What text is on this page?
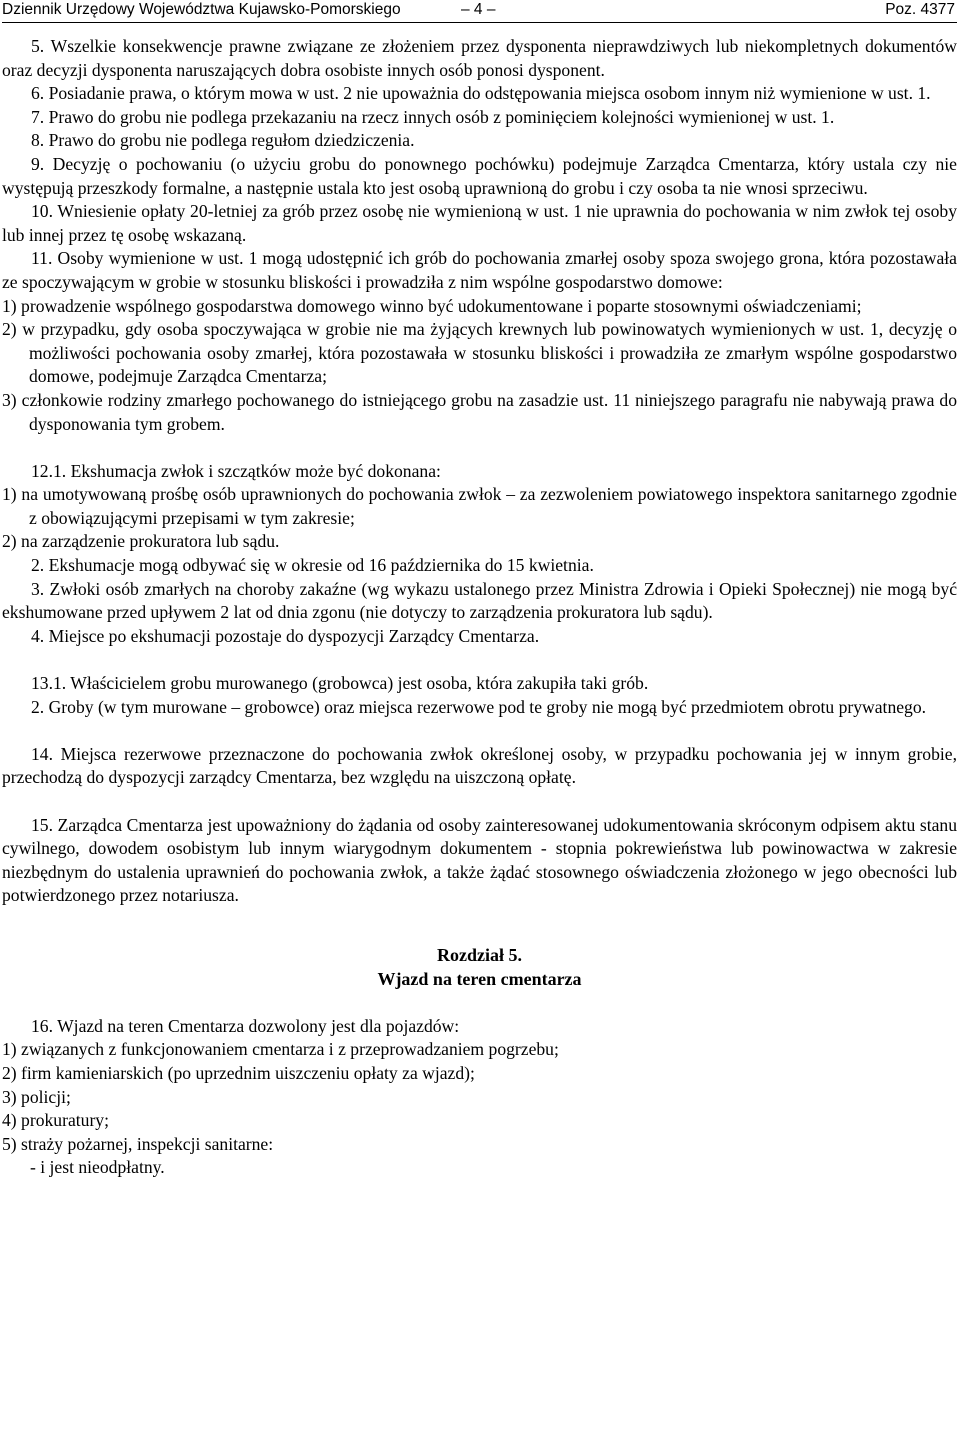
Dziennik Urzędowy Województwa Kujawsko-Pomorskiego	– 4 –	Poz. 4377

5. Wszelkie konsekwencje prawne związane ze złożeniem przez dysponenta nieprawdziwych lub niekompletnych dokumentów oraz decyzji dysponenta naruszających dobra osobiste innych osób ponosi dysponent.

6. Posiadanie prawa, o którym mowa w ust. 2 nie upoważnia do odstępowania miejsca osobom innym niż wymienione w ust. 1.

7. Prawo do grobu nie podlega przekazaniu na rzecz innych osób z pominięciem kolejności wymienionej w ust. 1.

8. Prawo do grobu nie podlega regułom dziedziczenia.

9. Decyzję o pochowaniu (o użyciu grobu do ponownego pochówku) podejmuje Zarządca Cmentarza, który ustala czy nie występują przeszkody formalne, a następnie ustala kto jest osobą uprawnioną do grobu i czy osoba ta nie wnosi sprzeciwu.

10. Wniesienie opłaty 20-letniej za grób przez osobę nie wymienioną w ust. 1 nie uprawnia do pochowania w nim zwłok tej osoby lub innej przez tę osobę wskazaną.

11. Osoby wymienione w ust. 1 mogą udostępnić ich grób do pochowania zmarłej osoby spoza swojego grona, która pozostawała ze spoczywającym w grobie w stosunku bliskości i prowadziła z nim wspólne gospodarstwo domowe:

1) prowadzenie wspólnego gospodarstwa domowego winno być udokumentowane i poparte stosownymi oświadczeniami;

2) w przypadku, gdy osoba spoczywająca w grobie nie ma żyjących krewnych lub powinowatych wymienionych w ust. 1, decyzję o możliwości pochowania osoby zmarłej, która pozostawała w stosunku bliskości i prowadziła ze zmarłym wspólne gospodarstwo domowe, podejmuje Zarządca Cmentarza;

3) członkowie rodziny zmarłego pochowanego do istniejącego grobu na zasadzie ust. 11 niniejszego paragrafu nie nabywają prawa do dysponowania tym grobem.

12.1. Ekshumacja zwłok i szczątków może być dokonana:

1) na umotywowaną prośbę osób uprawnionych do pochowania zwłok – za zezwoleniem powiatowego inspektora sanitarnego zgodnie z obowiązującymi przepisami w tym zakresie;

2) na zarządzenie prokuratora lub sądu.

2. Ekshumacje mogą odbywać się w okresie od 16 października do 15 kwietnia.

3. Zwłoki osób zmarłych na choroby zakaźne (wg wykazu ustalonego przez Ministra Zdrowia i Opieki Społecznej) nie mogą być ekshumowane przed upływem 2 lat od dnia zgonu (nie dotyczy to zarządzenia prokuratora lub sądu).

4. Miejsce po ekshumacji pozostaje do dyspozycji Zarządcy Cmentarza.

13.1. Właścicielem grobu murowanego (grobowca) jest osoba, która zakupiła taki grób.

2. Groby (w tym murowane – grobowce) oraz miejsca rezerwowe pod te groby nie mogą być przedmiotem obrotu prywatnego.

14. Miejsca rezerwowe przeznaczone do pochowania zwłok określonej osoby, w przypadku pochowania jej w innym grobie, przechodzą do dyspozycji zarządcy Cmentarza, bez względu na uiszczoną opłatę.

15. Zarządca Cmentarza jest upoważniony do żądania od osoby zainteresowanej udokumentowania skróconym odpisem aktu stanu cywilnego, dowodem osobistym lub innym wiarygodnym dokumentem - stopnia pokrewieństwa lub powinowactwa w zakresie niezbędnym do ustalenia uprawnień do pochowania zwłok, a także żądać stosownego oświadczenia złożonego w jego obecności lub potwierdzonego przez notariusza.

Rozdział 5.

Wjazd na teren cmentarza

16. Wjazd na teren Cmentarza dozwolony jest dla pojazdów:

1) związanych z funkcjonowaniem cmentarza i z przeprowadzaniem pogrzebu;

2) firm kamieniarskich (po uprzednim uiszczeniu opłaty za wjazd);

3) policji;

4) prokuratury;

5) straży pożarnej, inspekcji sanitarne:

- i jest nieodpłatny.
